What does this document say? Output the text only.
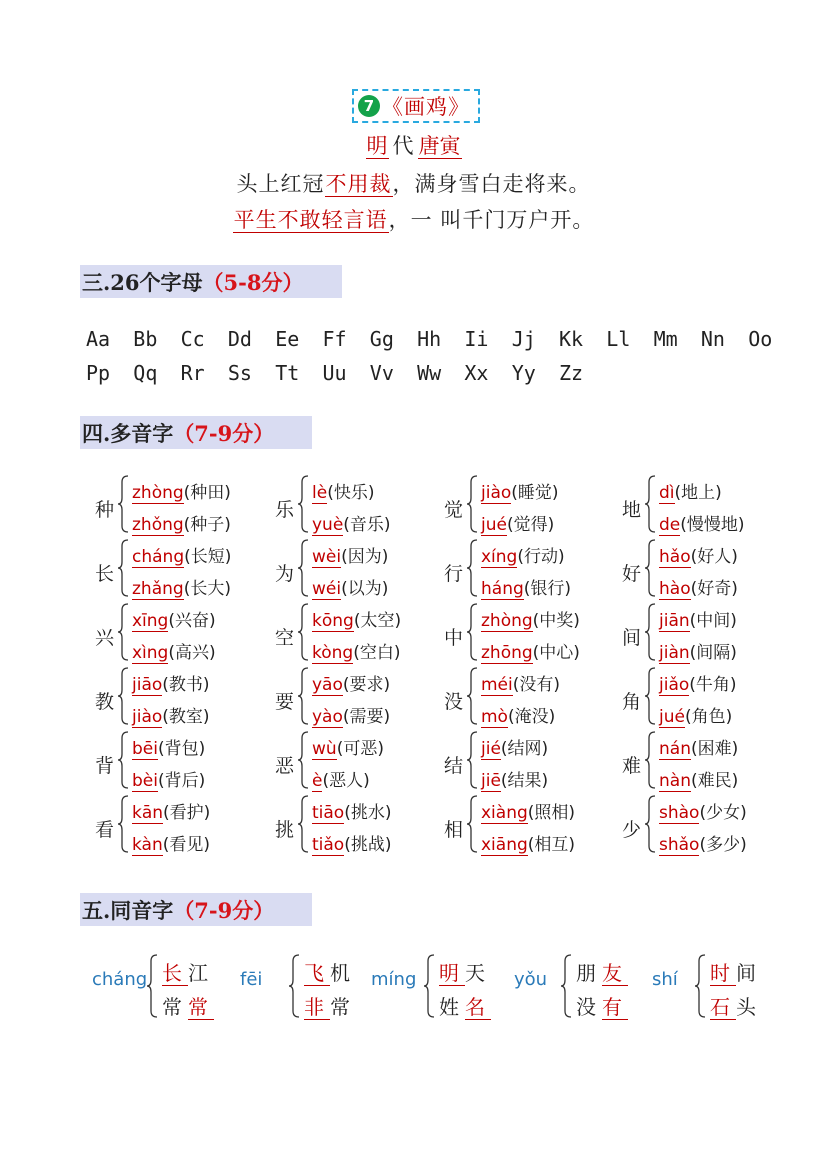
7 《画鸡》
明 代 唐寅
头上红冠不用裁，满身雪白走将来。
平生不敢轻言语，一 叫千门万户开。
三.26个字母 （5-8分）
Aa Bb Cc Dd Ee Ff Gg Hh Ii Jj Kk Ll Mm Nn Oo
Pp Qq Rr Ss Tt Uu Vv Ww Xx Yy Zz
四.多音字 （7-9分）
种
zhòng(种田)
zhǒng(种子)
乐
lè(快乐)
yuè(音乐)
觉
jiào(睡觉)
jué(觉得)
地
dì(地上)
de(慢慢地)
长
cháng(长短)
zhǎng(长大)
为
wèi(因为)
wéi(以为)
行
xíng(行动)
háng(银行)
好
hǎo(好人)
hào(好奇)
兴
xīng(兴奋)
xìng(高兴)
空
kōng(太空)
kòng(空白)
中
zhòng(中奖)
zhōng(中心)
间
jiān(中间)
jiàn(间隔)
教
jiāo(教书)
jiào(教室)
要
yāo(要求)
yào(需要)
没
méi(没有)
mò(淹没)
角
jiǎo(牛角)
jué(角色)
背
bēi(背包)
bèi(背后)
恶
wù(可恶)
è(恶人)
结
jié(结网)
jiē(结果)
难
nán(困难)
nàn(难民)
看
kān(看护)
kàn(看见)
挑
tiāo(挑水)
tiǎo(挑战)
相
xiàng(照相)
xiāng(相互)
少
shào(少女)
shǎo(多少)
五.同音字 （7-9分）
cháng 长江
常常
fēi 飞机
非常
míng 明天
姓名
yǒu 朋友
没有
shí 时间
石头
